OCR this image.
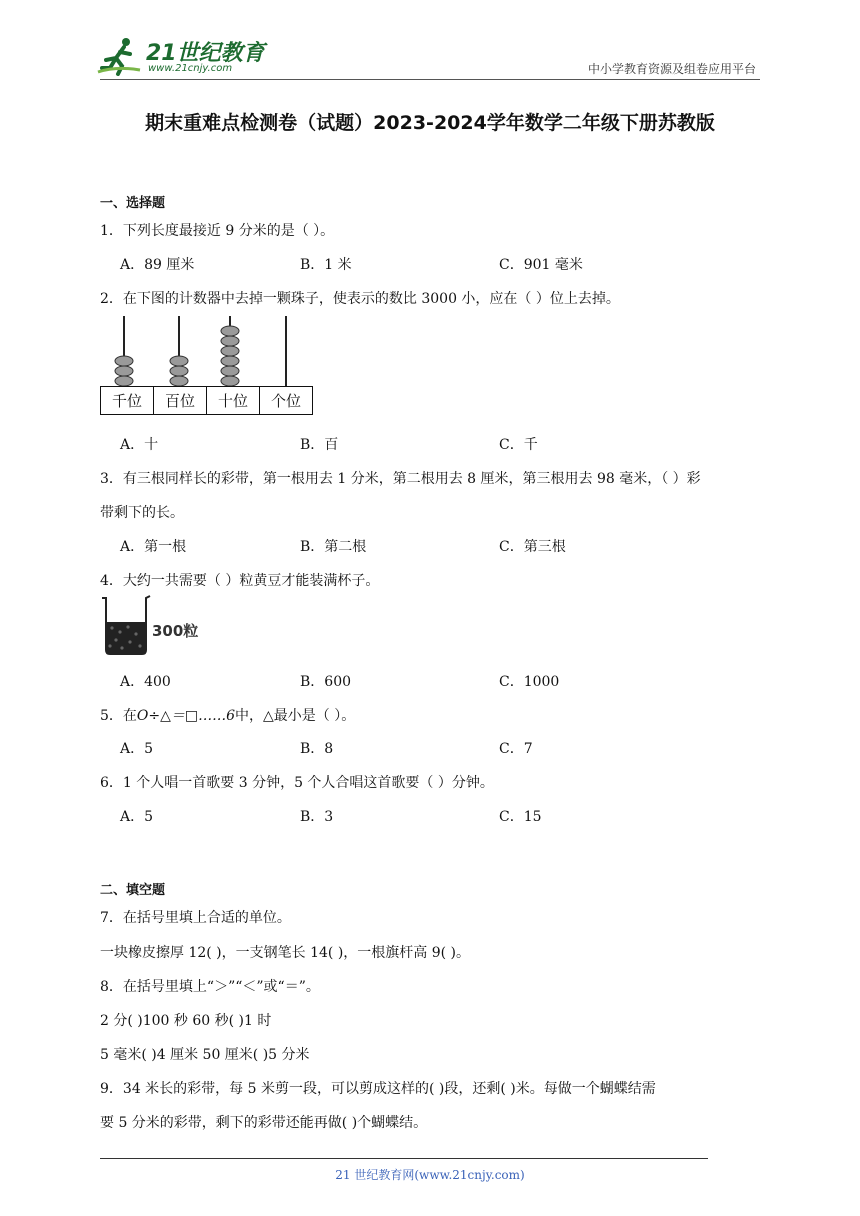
21世纪教育
www.21cnjy.com	中小学教育资源及组卷应用平台
期末重难点检测卷（试题）2023-2024学年数学二年级下册苏教版
一、选择题
1．下列长度最接近 9 分米的是（ ）。
A．89 厘米	B．1 米	C．901 毫米
2．在下图的计数器中去掉一颗珠子，使表示的数比 3000 小，应在（ ）位上去掉。
千位	百位	十位	个位
A．十	B．百	C．千
3．有三根同样长的彩带，第一根用去 1 分米，第二根用去 8 厘米，第三根用去 98 毫米，（ ）彩
带剩下的长。
A．第一根	B．第二根	C．第三根
4．大约一共需要（ ）粒黄豆才能装满杯子。
300粒
A．400	B．600	C．1000
5．在O÷△＝□……6中，△最小是（ ）。
A．5	B．8	C．7
6．1 个人唱一首歌要 3 分钟，5 个人合唱这首歌要（ ）分钟。
A．5	B．3	C．15
二、填空题
7．在括号里填上合适的单位。
一块橡皮擦厚 12( )，一支钢笔长 14( )，一根旗杆高 9( )。
8．在括号里填上“＞”“＜”或“＝”。
2 分( )100 秒 60 秒( )1 时
5 毫米( )4 厘米 50 厘米( )5 分米
9．34 米长的彩带，每 5 米剪一段，可以剪成这样的( )段，还剩( )米。每做一个蝴蝶结需
要 5 分米的彩带，剩下的彩带还能再做( )个蝴蝶结。
21 世纪教育网(www.21cnjy.com)
